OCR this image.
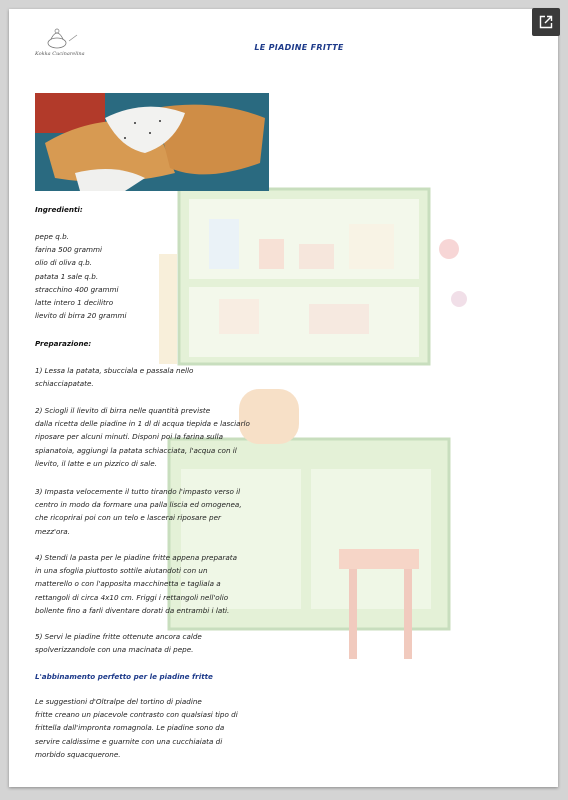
Kokka Cucinarelina
LE PIADINE FRITTE

Ingredienti:

pepe q.b.
farina 500 grammi
olio di oliva q.b.
patata 1 sale q.b.
stracchino 400 grammi
latte intero 1 decilitro
lievito di birra 20 grammi

Preparazione:

1) Lessa la patata, sbucciala e passala nello
schiacciapatate.

2) Sciogli il lievito di birra nelle quantità previste
dalla ricetta delle piadine in 1 dl di acqua tiepida e lasciarlo
riposare per alcuni minuti. Disponi poi la farina sulla
spianatoia, aggiungi la patata schiacciata, l'acqua con il
lievito, il latte e un pizzico di sale.

3) Impasta velocemente il tutto tirando l'impasto verso il
centro in modo da formare una palla liscia ed omogenea,
che ricoprirai poi con un telo e lascerai riposare per
mezz'ora.

4) Stendi la pasta per le piadine fritte appena preparata
in una sfoglia piuttosto sottile aiutandoti con un
matterello o con l'apposita macchinetta e tagliala a
rettangoli di circa 4x10 cm. Friggi i rettangoli nell'olio
bollente fino a farli diventare dorati da entrambi i lati.

5) Servi le piadine fritte ottenute ancora calde
spolverizzandole con una macinata di pepe.

L'abbinamento perfetto per le piadine fritte

Le suggestioni d'Oltralpe del tortino di piadine
fritte creano un piacevole contrasto con qualsiasi tipo di
frittella dall'impronta romagnola. Le piadine sono da
servire caldissime e guarnite con una cucchiaiata di
morbido squacquerone.
